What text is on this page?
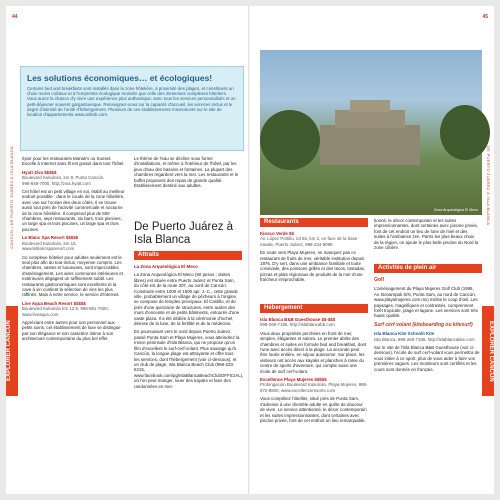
44
CANCÚN • DE PUERTO JUÁREZ À ISLA BLANCA
EXPLORER CANCÚN
Les solutions économiques… et écologiques!

Certains bed and breakfasts sont installés dans la zone hôtelière, à proximité des plages, et constituent un choix moins coûteux et à l'empreinte écologique moindre que celle des immenses complexes hôteliers. Vous aurez la chance d'y vivre une expérience plus authentique, avec tous les services personnalisés et un petit-déjeuner souvent gargantuesque. Renseignez-vous sur la capacité d'accueil, les services inclus et le degré d'intimité de l'unité d'hébergement. Plusieurs de ces établissements s'annoncent sur le site de location d'appartements www.airbnb.com.

époir pour les restaurants Mariak's ou Sunset. Excelle à Internet sans fil est gratuit dans tout l'hôtel.

Hyatt Ziva $$$$$
Boulevard Kukulcán, km 9, Punta Cancún,
998-848-7000, http://ziva.hyatt.com

Cet hôtel est un petit village en soi, établi au meilleur endroit possible : dans le coude de la zone hôtelière, avec vue sur l'océan des deux côtés. Il se trouve aussi tout près de l'activité commerciale et nocturne de la zone hôtelière. Il comprend plus de 500 chambres, sept restaurants, six bars, trois piscines, un large spa et trois piscines, un large spa et trois piscines.

Le Blanc Spa Resort $$$$$
Boulevard Kukulcán, km 10,
www.leblancsparesort.com

Ce complexe hôtelier pour adultes seulement est le seul plus afin du tout-inclus, moyenne compris. Les chambres, vastes et luxueuses, sont impeccables d'aménagement. Les aires communes intérieures et extérieures dégagent un raffinement subtil. Les restaurants gastronomiques sont excellents et la cave à vin contient la sélection de vins les plus raffinés. Mais à votre service, le service d'Internet.

Live Aqua Beach Resort $$$$$
Boulevard Kukulcán km 12.5, 998-881-7600,
www.liveaqua.com

Appréciant entre autres pour son personnel aux petits soins, cet établissement de luxe se distingue par son élégance et son caractère intime à son architecture contemporaine du plus bel effet.

Le thème de l'eau se décline sous forme d'installations, et même à l'intérieur de l'hôtel, par les jeux d'eau des bassins et fontaines. La plupart des chambres regardent vers la mer. Les restaurants et le buffet proposent des repas de grande qualité. Établissement destiné aux adultes.

De Puerto Juárez à Isla Blanca
Attraits

La Zona Arqueológica El Meco

La Zona Arqueológica El Meco (60 pesos ; visites libres) est située entre Puerto Juárez et Punta Sam, du côté est de la route 307, au nord de Cancún. Construite entre 1000 et 1500 apr. J.-C., cette grande ville, probablement un village de pêcheurs à l'origine, se compose de temples principaux. El Castillo, et de près d'une quinzaine de structures, entre autres des murs d'enceinte et de petits bâtiments, entourés d'une vaste plaza. Il a été dédiée à la cérémonie d'Ixchel, déesse de la lune, de la fertilité et de la médecine.

En poursuivant vers le nord depuis Puerto Juárez, passé Punta Sam et Playa Mujeres, vous atteindrez la mince péninsule d'Isla Blanca, qui ne propose qu'un film d'excellent le surf-cerf-volant. Plus sauvage qu'à Cancún, la longue plage est attrayante et offre tous les services, dont l'hébergement (voir ci-dessous), et un club de plage, Isla Blanca Beach Club (998-223-6215, www.facebook.com/pg/IslaBlancaBeachClubOFFICIAL), où l'on peut manger, louer des kayaks et faire des randonnées en mer.

45
DE PUERTO JUÁREZ À ISLA BLANCA
EXPLORER CANCÚN
Zona Arqueológica El Meco
Restaurants

Kiosco Verde $$
Av. López Portillo, lot 56, km 3, en face de la base navale, Puerto Juárez, 998-234-9098

En route vers Playa Mujeres, ne manquez pas ce restaurant de fruits de mer, véritable institution depuis 1976. D'y sert, dans une ambiance familiale et toute conviviale, des poissons grillés et des tacos, tostadas, pizzas et plats régionaux de produits de la mer d'une fraîcheur irréprochable.

Hébergement

Isla Blanca B&B Guesthouse $$-$$$
998-268-7186, http://islablancabb.com

Vous deux propriétés perchées en front de mer, simples, élégantes et saines. Le premier abrite des chambres et suites en formule bed and breakfast, dont l'une avec accès direct à la plage. La seconde peut être louée entière, en séjour autonome. Sur place, les visiteurs ont accès aux kayaks et planches à rame du centre de sports d'aventure, qui compte aussi une école de surf cerf-volant.

Excellence Playa Mujeres $$$$$
Prolongación Boulevard Kukulcán, Playa Mujeres, 998-872-8600, www.excellenceresorts.com

Vous compétiez hôtellier, situé près de Punta Sam, s'adresse à une clientèle adulte en quête de douceur de vivre. Le service attentionné, le décor contemporain et les suites impressionnantes, dont certaines avec piscine privée, font de cet endroit un lieu remarquable.

tionné, le décor contemporain et les suites impressionnantes, dont certaines avec piscine privée, font de cet endroit un lieu de lune de miel et des suites à l'ambiance zen. Parmi les plus beaux choix de la région, on ajoute le plus belle piscine du Nord la zone côtière.

Activités de plein air

Golf

L'aménagement du Playa Mujeres Golf Club (1995, Av. Bonampak S/N, Punta Sam, au nord de Cancún, www.playamujeres.com.mx) mérite le coup d'œil. Les paysages, magnifiques et contrastés, comprennent forêt tropicale, plage et lagune. Les services sont très haute qualité.

Surf cerf-volant (kiteboarding ou kitesurf)

Isla Blanca Kite School/I Kite
Isla Blanca, 998-268-7186, http://islablancakite.com

Sur le site de l'Isla Blanca B&B Guesthouse (voir ci-dessous), l'école de surf cerf-volant vous permettra de vous initier à ce sport, plus de vous aider à faire vos premières vagues. Les moniteurs sont certifiés et les cours sont donnés en français.
